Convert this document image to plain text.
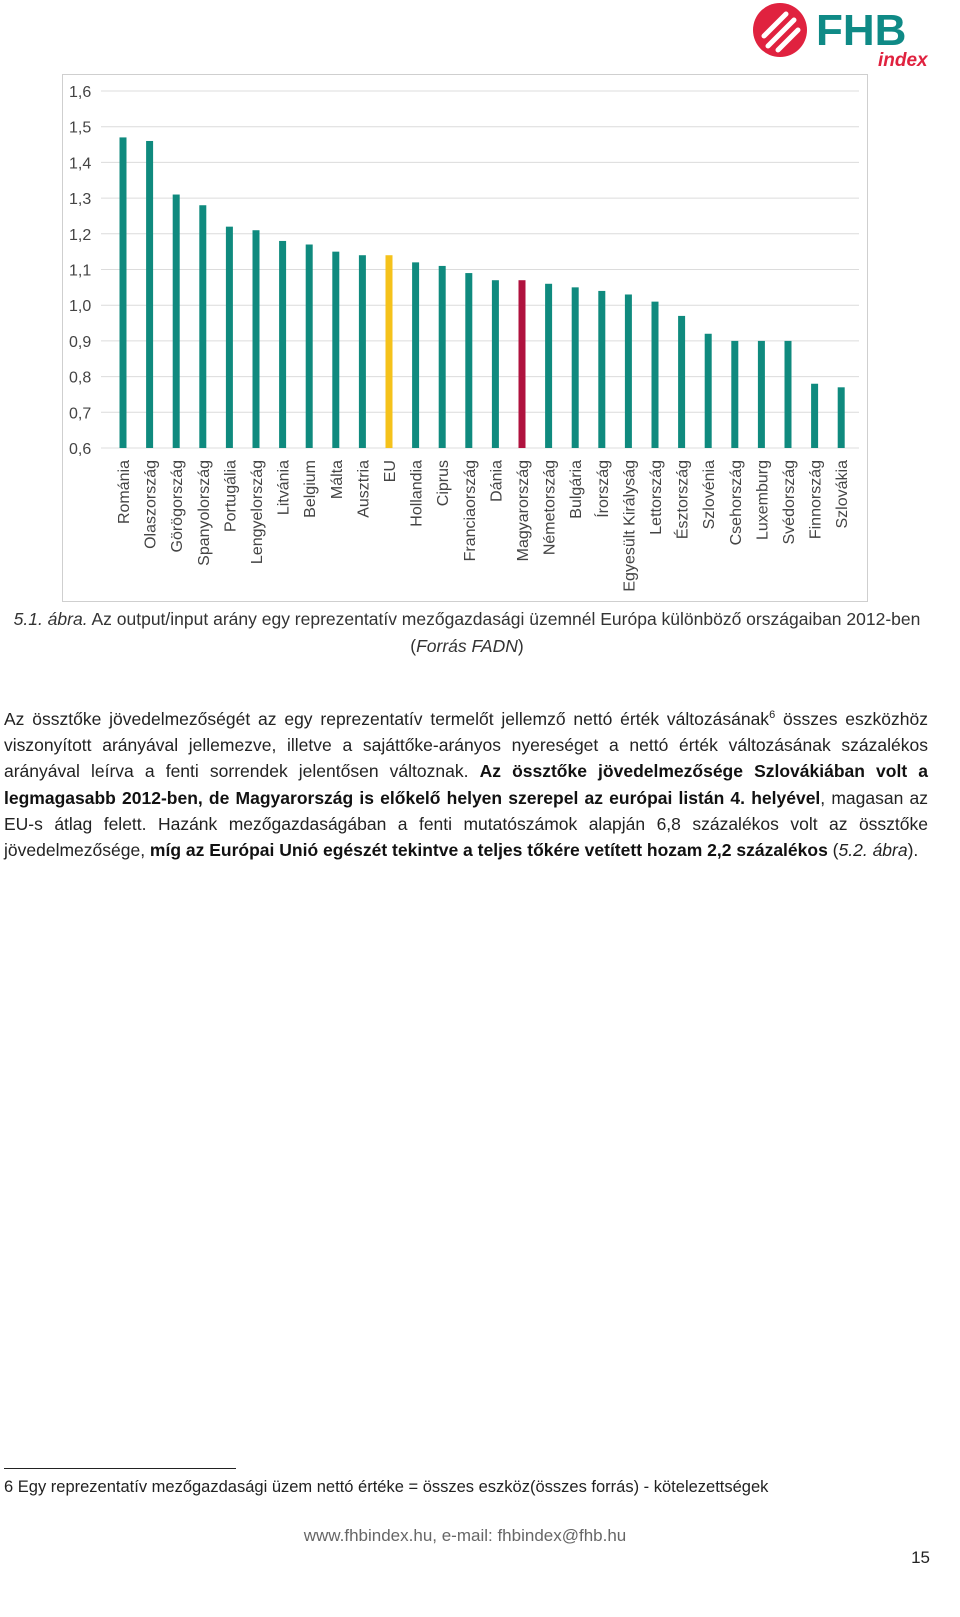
FHB
index
0,6
0,7
0,8
0,9
1,0
1,1
1,2
1,3
1,4
1,5
1,6
Románia Olaszország Görögország Spanyolország Portugália Lengyelország Litvánia Belgium Málta Ausztria EU Hollandia Ciprus Franciaország Dánia Magyarország Németország Bulgária Írország Egyesült Királyság Lettország Észtország Szlovénia Csehország Luxemburg Svédország Finnország Szlovákia
5.1. ábra. Az output/input arány egy reprezentatív mezőgazdasági üzemnél Európa különböző országaiban 2012-ben (Forrás FADN)
Az össztőke jövedelmezőségét az egy reprezentatív termelőt jellemző nettó érték változásának$^6$ összes eszközhöz viszonyított arányával jellemezve, illetve a sajáttőke-arányos nyereséget a nettó érték változásának százalékos arányával leírva a fenti sorrendek jelentősen változnak. Az össztőke jövedelmezősége Szlovákiában volt a legmagasabb 2012-ben, de Magyarország is előkelő helyen szerepel az európai listán 4. helyével, magasan az EU-s átlag felett. Hazánk mezőgazdaságában a fenti mutatószámok alapján 6,8 százalékos volt az össztőke jövedelmezősége, míg az Európai Unió egészét tekintve a teljes tőkére vetített hozam 2,2 százalékos (5.2. ábra).
6 Egy reprezentatív mezőgazdasági üzem nettó értéke = összes eszköz(összes forrás) - kötelezettségek
www.fhbindex.hu, e-mail: fhbindex@fhb.hu
15
